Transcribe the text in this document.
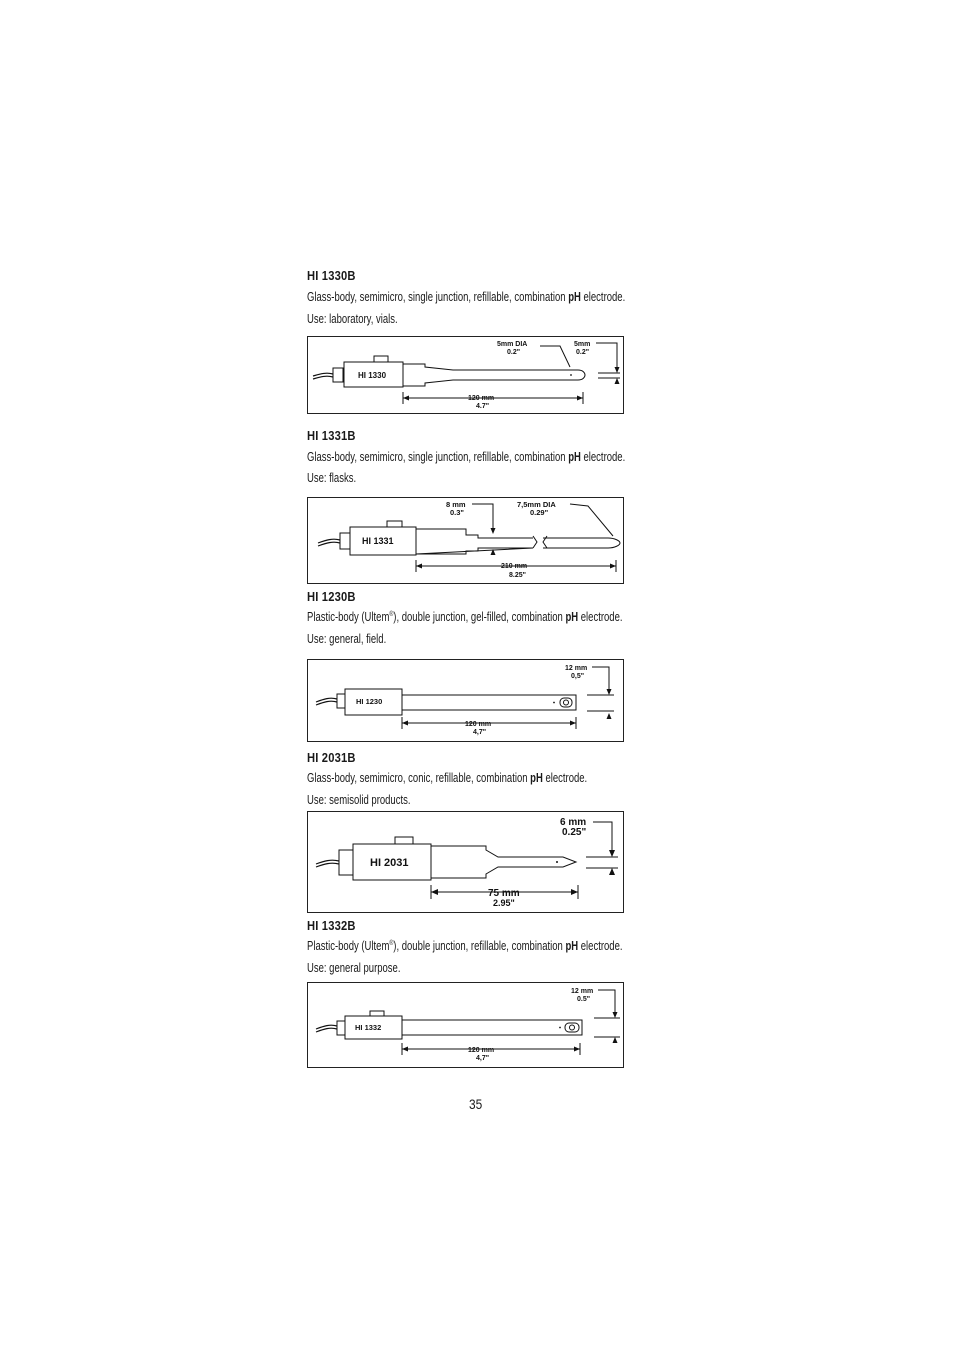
HI 1330B
Glass-body, semimicro, single junction, refillable, combination pH electrode.
Use: laboratory, vials.
HI 1330
120 mm
4.7"
5mm DIA
0.2"
5mm
0.2"
HI 1331B
Glass-body, semimicro, single junction, refillable, combination pH electrode.
Use: flasks.
HI 1331
210 mm
8.25"
8 mm
0.3"
7,5mm DIA
0.29"
HI 1230B
Plastic-body (Ultem®), double junction, gel-filled, combination pH electrode.
Use: general, field.
HI 1230
120 mm
4,7"
12 mm
0,5"
HI 2031B
Glass-body, semimicro, conic, refillable, combination pH electrode.
Use: semisolid products.
HI 2031
75 mm
2.95"
6 mm
0.25"
HI 1332B
Plastic-body (Ultem®), double junction, refillable, combination pH electrode.
Use: general purpose.
HI 1332
120 mm
4,7"
12 mm
0.5"
35
